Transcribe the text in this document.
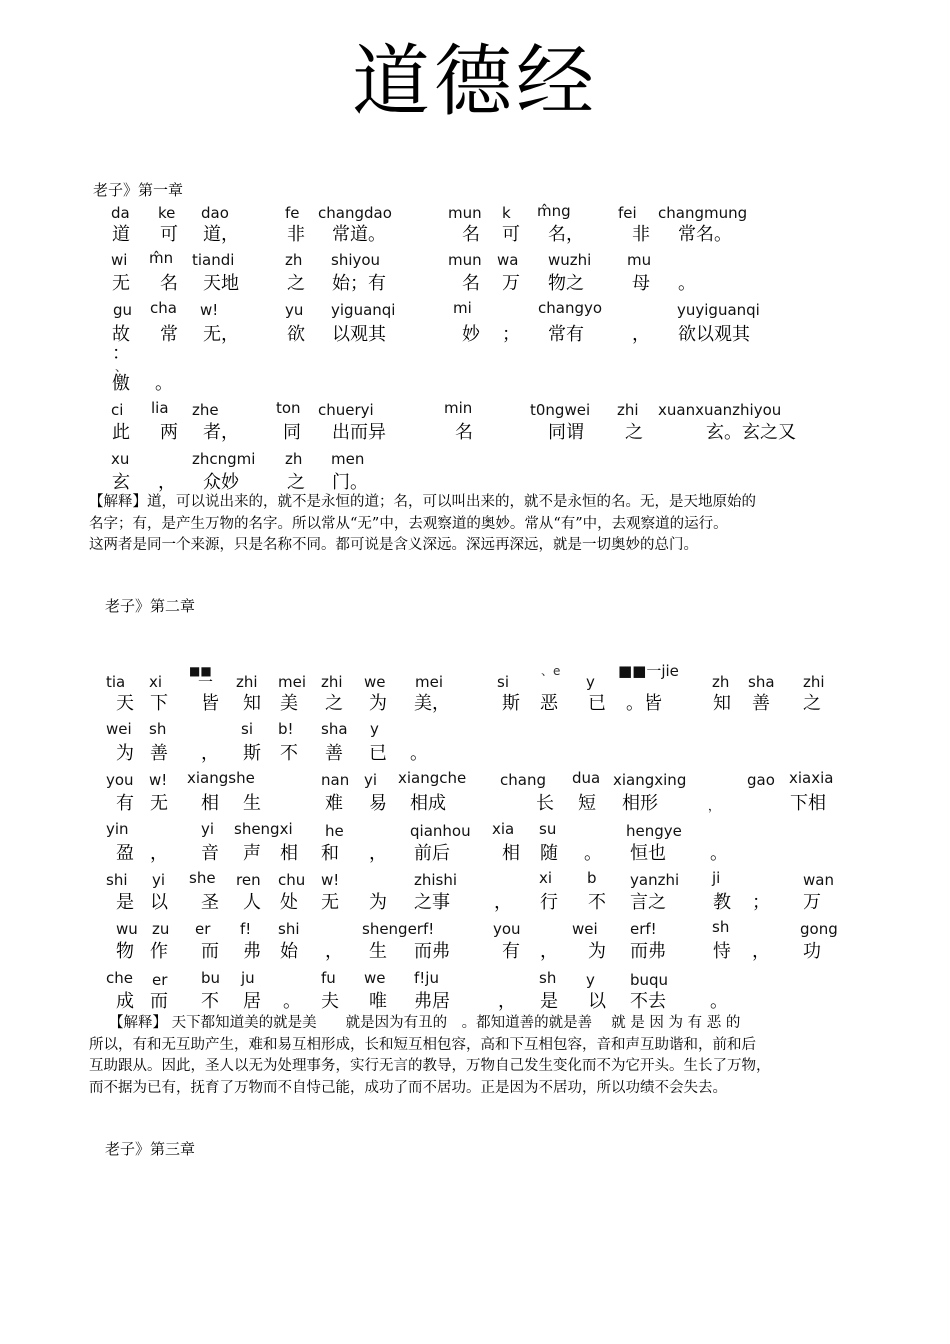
道德经
老子》第一章
da ke dao	fe changdao	mun k m̂ng	fei changmung
道 可 道，	非 常道。	名 可 名，	非 常名。
wi m̂n tiandi	zh shiyou	mun wa wuzhi mu
无 名 天地	之 始；有	名 万 物之	母 。
gu cha w!	yu yiguanqi	mi	changyo	yuyiguanqi
故 常 无，	欲 以观其	妙 ； 常有	， 欲以观其
：
、
儌 。
ci lia zhe	ton chueryi	min	t0ngwei zhi xuanxuanzhiyou
此 两 者， 同 出而异	名	同谓 之	玄。玄之又
xu	zhcngmi zh men
玄 ， 众妙	之 门。

【解释】道，可以说出来的，就不是永恒的道；名，可以叫出来的，就不是永恒的名。无，是天地原始的

名字；有，是产生万物的名字。所以常从“无”中，去观察道的奥妙。常从“有”中，去观察道的运行。

这两者是同一个来源，只是名称不同。都可说是含义深远。深远再深远，就是一切奥妙的总门。

老子》第二章
■■	■■一jie
、e
tia xi 一 zhi mei zhi we mei	si	y	zh sha zhi
天 下 皆 知 美 之 为 美，	斯 恶 已 。皆	知 善 之
wei sh	si b! sha y
为 善 ， 斯 不 善 已 。
you w! xiangshe	nan yi xiangche chang dua xiangxing	gao xiaxia
有 无 相 生	难 易 相成	长 短 相形	，	下相
yin	yi shengxi he	qianhou xia su	hengye
盈 ， 音 声 相 和 ， 前后	相 随 。 恒也 。
shi yi she ren chu w!	zhishi	xi b yanzhi ji	wan
是 以 圣 人 处 无 为 之事 ， 行 不 言之	教 ； 万
wu zu er f! shi	shengerf!	you	wei erf!	sh	gong
物 作 而 弗 始 ， 生 而弗	有 ， 为 而弗	恃 ， 功
che er bu ju	fu we f!ju	sh y buqu
成 而 不 居 。 夫 唯 弗居	， 是 以 不去 。

【解释】 天下都知道美的就是美　　就是因为有丑的　。都知道善的就是善　 就 是 因 为 有 恶 的

所以，有和无互助产生，难和易互相形成，长和短互相包容，高和下互相包容，音和声互助谐和，前和后

互助跟从。因此，圣人以无为处理事务，实行无言的教导，万物自己发生变化而不为它开头。生长了万物，

而不据为已有，抚育了万物而不自恃己能，成功了而不居功。正是因为不居功，所以功绩不会失去。

老子》第三章
